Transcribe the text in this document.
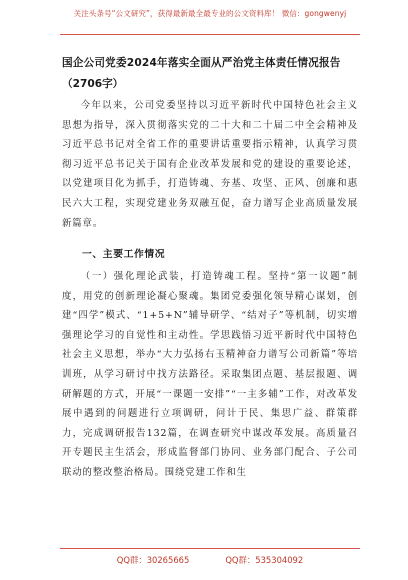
关注头条号“公文研究”，获得最新最全最专业的公文资料库！ 微信：gongwenyj
国企公司党委2024年落实全面从严治党主体责任情况报告
（2706字）

今年以来，公司党委坚持以习近平新时代中国特色社会主义思想为指导，深入贯彻落实党的二十大和二十届二中全会精神及习近平总书记对全省工作的重要讲话重要指示精神，认真学习贯彻习近平总书记关于国有企业改革发展和党的建设的重要论述，以党建项目化为抓手，打造铸魂、夯基、攻坚、正风、创廉和惠民六大工程，实现党建业务双融互促，奋力谱写企业高质量发展新篇章。

一、主要工作情况

（一）强化理论武装，打造铸魂工程。坚持“第一议题”制度，用党的创新理论凝心聚魂。集团党委强化领导精心谋划，创建“四学”模式、“1+5+N”辅导研学、“结对子”等机制，切实增强理论学习的自觉性和主动性。学思践悟习近平新时代中国特色社会主义思想，举办“大力弘扬右玉精神奋力谱写公司新篇”等培训班，从学习研讨中找方法路径。采取集团点题、基层报题、调研解题的方式，开展“一课题一安排”“一主多辅”工作，对改革发展中遇到的问题进行立项调研，问计于民、集思广益、群策群力，完成调研报告132篇，在调查研究中谋改革发展。高质量召开专题民主生活会，形成监督部门协同、业务部门配合、子公司联动的整改整治格局。围绕党建工作和生

QQ群：30265665	QQ群：535304092
